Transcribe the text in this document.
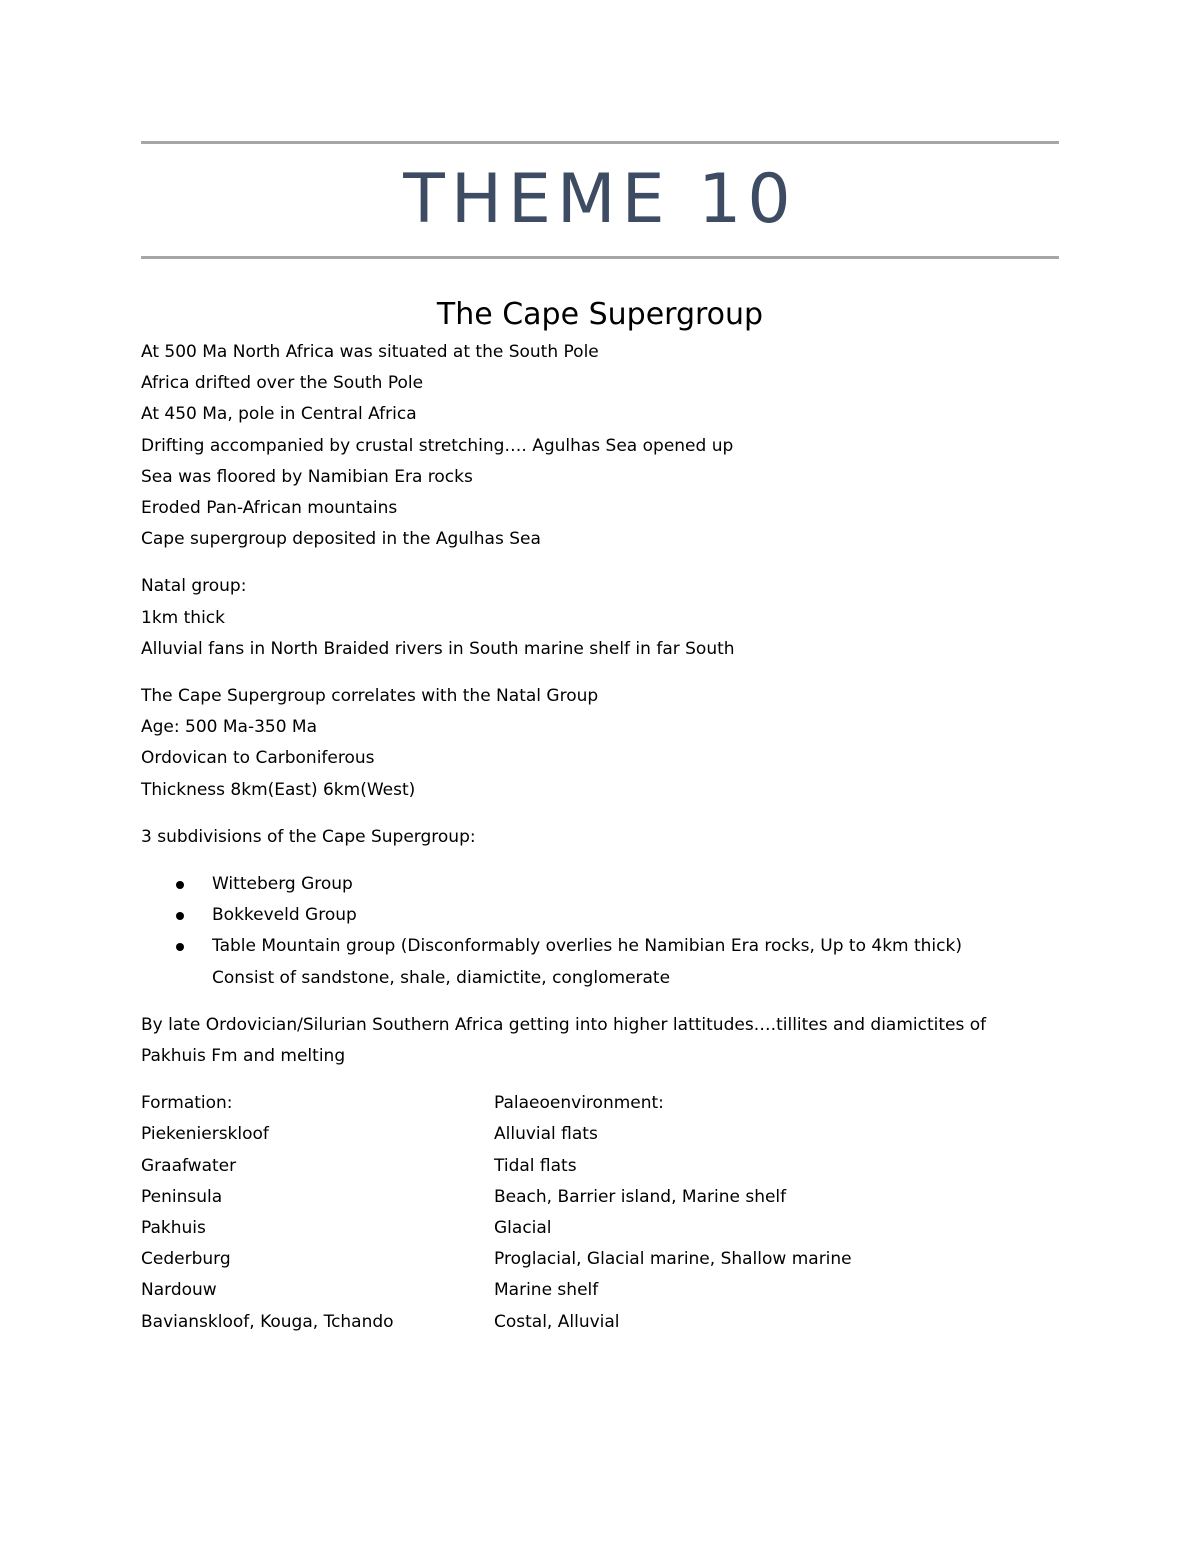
THEME 10
The Cape Supergroup
At 500 Ma North Africa was situated at the South Pole
Africa drifted over the South Pole
At 450 Ma, pole in Central Africa
Drifting accompanied by crustal stretching…. Agulhas Sea opened up
Sea was floored by Namibian Era rocks
Eroded Pan-African mountains
Cape supergroup deposited in the Agulhas Sea
Natal group:
1km thick
Alluvial fans in North Braided rivers in South marine shelf in far South
The Cape Supergroup correlates with the Natal Group
Age: 500 Ma-350 Ma
Ordovican to Carboniferous
Thickness 8km(East) 6km(West)
3 subdivisions of the Cape Supergroup:
Witteberg Group
Bokkeveld Group
Table Mountain group (Disconformably overlies he Namibian Era rocks, Up to 4km thick)
Consist of sandstone, shale, diamictite, conglomerate
By late Ordovician/Silurian Southern Africa getting into higher lattitudes….tillites and diamictites of Pakhuis Fm and melting
Formation:	Palaeoenvironment:
Piekenierskloof	Alluvial flats
Graafwater	Tidal flats
Peninsula	Beach, Barrier island, Marine shelf
Pakhuis	Glacial
Cederburg	Proglacial, Glacial marine, Shallow marine
Nardouw	Marine shelf
Bavianskloof, Kouga, Tchando	Costal, Alluvial
